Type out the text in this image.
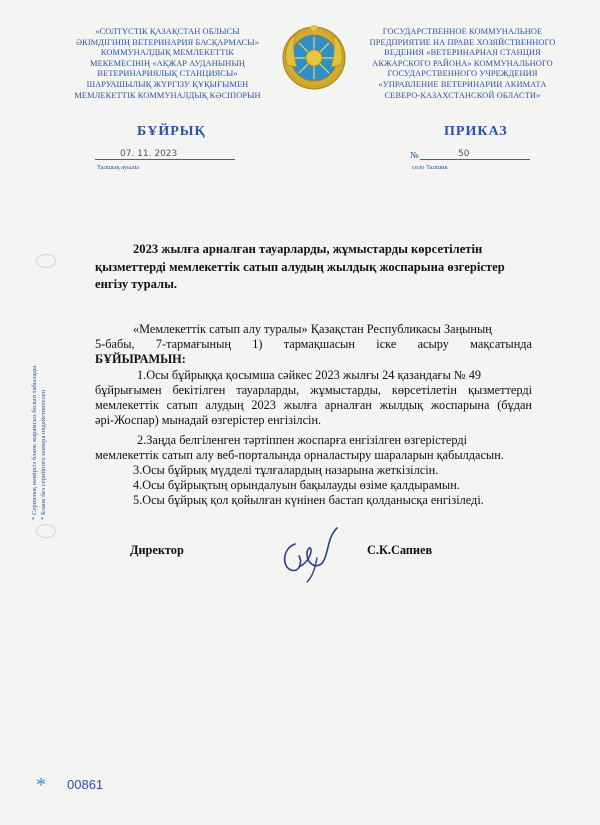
«СОЛТҮСТІК ҚАЗАҚСТАН ОБЛЫСЫ
ӘКІМДІГІНІҢ ВЕТЕРИНАРИЯ БАСҚАРМАСЫ»
КОММУНАЛДЫҚ МЕМЛЕКЕТТІК
МЕКЕМЕСІНІҢ «АҚЖАР АУДАНЫНЫҢ
ВЕТЕРИНАРИЯЛЫҚ СТАНЦИЯСЫ»
ШАРУАШЫЛЫҚ ЖҮРГІЗУ ҚҰҚЫҒЫМЕН
МЕМЛЕКЕТТІК КОММУНАЛДЫҚ КӘСІПОРЫН
ГОСУДАРСТВЕННОЕ КОММУНАЛЬНОЕ
ПРЕДПРИЯТИЕ НА ПРАВЕ ХОЗЯЙСТВЕННОГО
ВЕДЕНИЯ «ВЕТЕРИНАРНАЯ СТАНЦИЯ
АКЖАРСКОГО РАЙОНА» КОММУНАЛЬНОГО
ГОСУДАРСТВЕННОГО УЧРЕЖДЕНИЯ
«УПРАВЛЕНИЕ ВЕТЕРИНАРИИ АКИМАТА
СЕВЕРО-КАЗАХСТАНСКОЙ ОБЛАСТИ»
БҰЙРЫҚ	ПРИКАЗ
07. 11. 2023
Талшық ауылы
№	50
село Талшик
2023 жылға арналған тауарларды, жұмыстарды көрсетілетін
қызметтерді мемлекеттік сатып алудың жылдық жоспарына өзгерістер
енгізу туралы.
«Мемлекеттік сатып алу туралы» Қазақстан Республикасы Заңының
5-бабы, 7-тармағының 1) тармақшасын іске асыру мақсатында
БҰЙЫРАМЫН:
1.Осы бұйрыққа қосымша сәйкес 2023 жылғы 24 қазандағы № 49
бұйрығымен бекітілген тауарларды, жұмыстарды, көрсетілетін қызметтерді
мемлекеттік сатып алудың 2023 жылға арналған жылдық жоспарына (бұдан
әрі-Жоспар) мынадай өзгерістер енгізілсін.
2.Заңда белгіленген тәртіппен жоспарға енгізілген өзгерістерді
мемлекеттік сатып алу веб-порталында орналастыру шараларын қабылдасын.
3.Осы бұйрық мүдделі тұлғалардың назарына жеткізілсін.
4.Осы бұйрықтың орындалуын бақылауды өзіме қалдырамын.
5.Осы бұйрық қол қойылған күнінен бастап қолданысқа енгізіледі.
Директор	С.К.Сапиев
* Сериялық нөмірсіз бланк жарамсыз болып табылады * Бланк без серийного номера недействителен
* 00861
